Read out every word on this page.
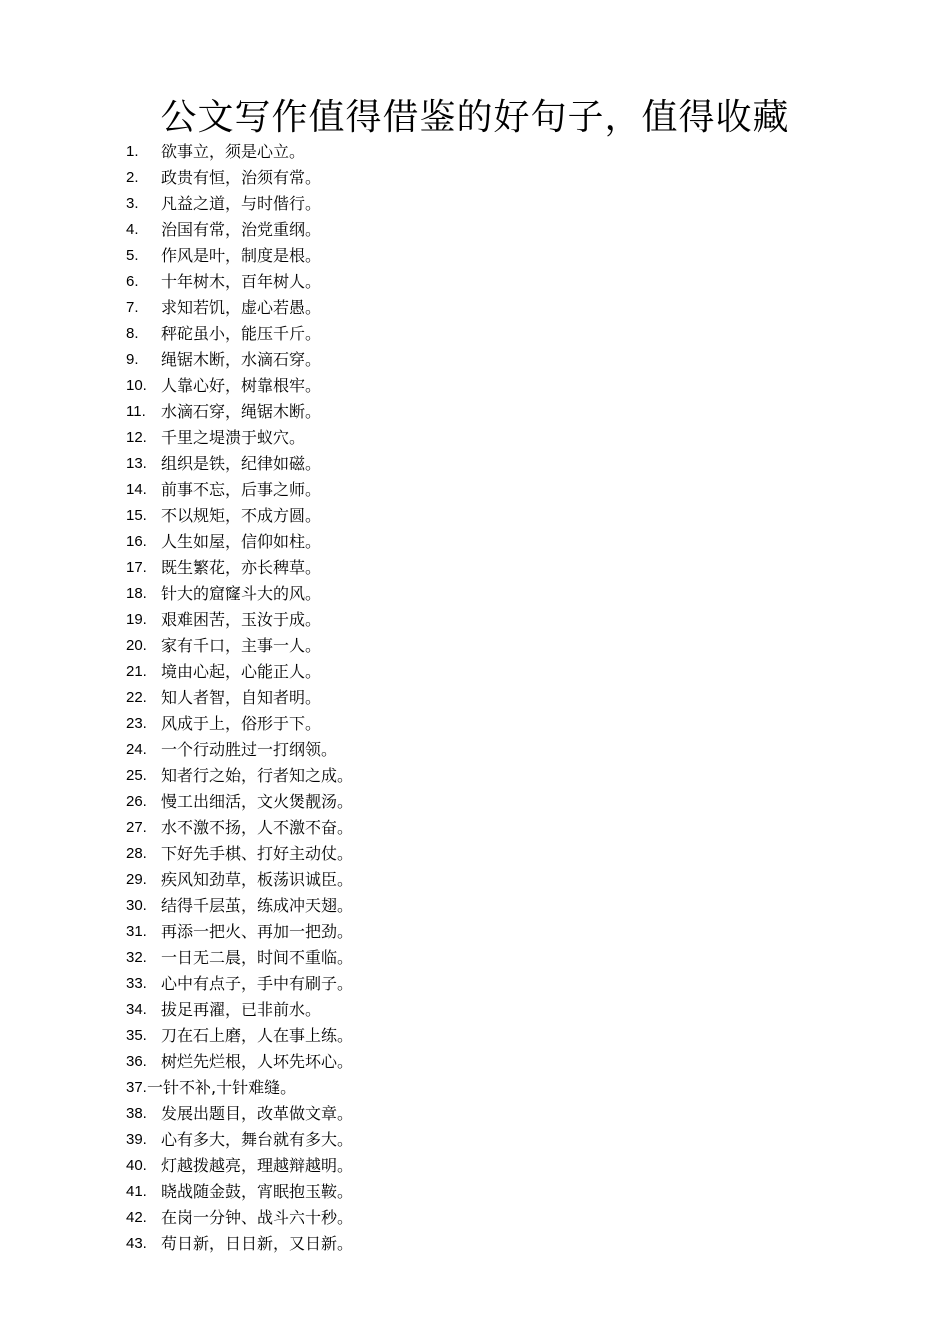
公文写作值得借鉴的好句子，值得收藏
1. 欲事立，须是心立。
2. 政贵有恒，治须有常。
3. 凡益之道，与时偕行。
4. 治国有常，治党重纲。
5. 作风是叶，制度是根。
6. 十年树木，百年树人。
7. 求知若饥，虚心若愚。
8. 秤砣虽小，能压千斤。
9. 绳锯木断，水滴石穿。
10. 人靠心好，树靠根牢。
11. 水滴石穿，绳锯木断。
12. 千里之堤溃于蚁穴。
13. 组织是铁，纪律如磁。
14. 前事不忘，后事之师。
15. 不以规矩，不成方圆。
16. 人生如屋，信仰如柱。
17. 既生繁花，亦长稗草。
18. 针大的窟窿斗大的风。
19. 艰难困苦，玉汝于成。
20. 家有千口，主事一人。
21. 境由心起，心能正人。
22. 知人者智，自知者明。
23. 风成于上，俗形于下。
24. 一个行动胜过一打纲领。
25. 知者行之始，行者知之成。
26. 慢工出细活，文火煲靓汤。
27. 水不激不扬，人不激不奋。
28. 下好先手棋、打好主动仗。
29. 疾风知劲草，板荡识诚臣。
30. 结得千层茧，练成冲天翅。
31. 再添一把火、再加一把劲。
32. 一日无二晨，时间不重临。
33. 心中有点子，手中有刷子。
34. 拔足再濯，已非前水。
35. 刀在石上磨，人在事上练。
36. 树烂先烂根，人坏先坏心。
37. 一针不补,十针难缝。
38. 发展出题目，改革做文章。
39. 心有多大，舞台就有多大。
40. 灯越拨越亮，理越辩越明。
41. 晓战随金鼓，宵眠抱玉鞍。
42. 在岗一分钟、战斗六十秒。
43. 苟日新，日日新，又日新。
